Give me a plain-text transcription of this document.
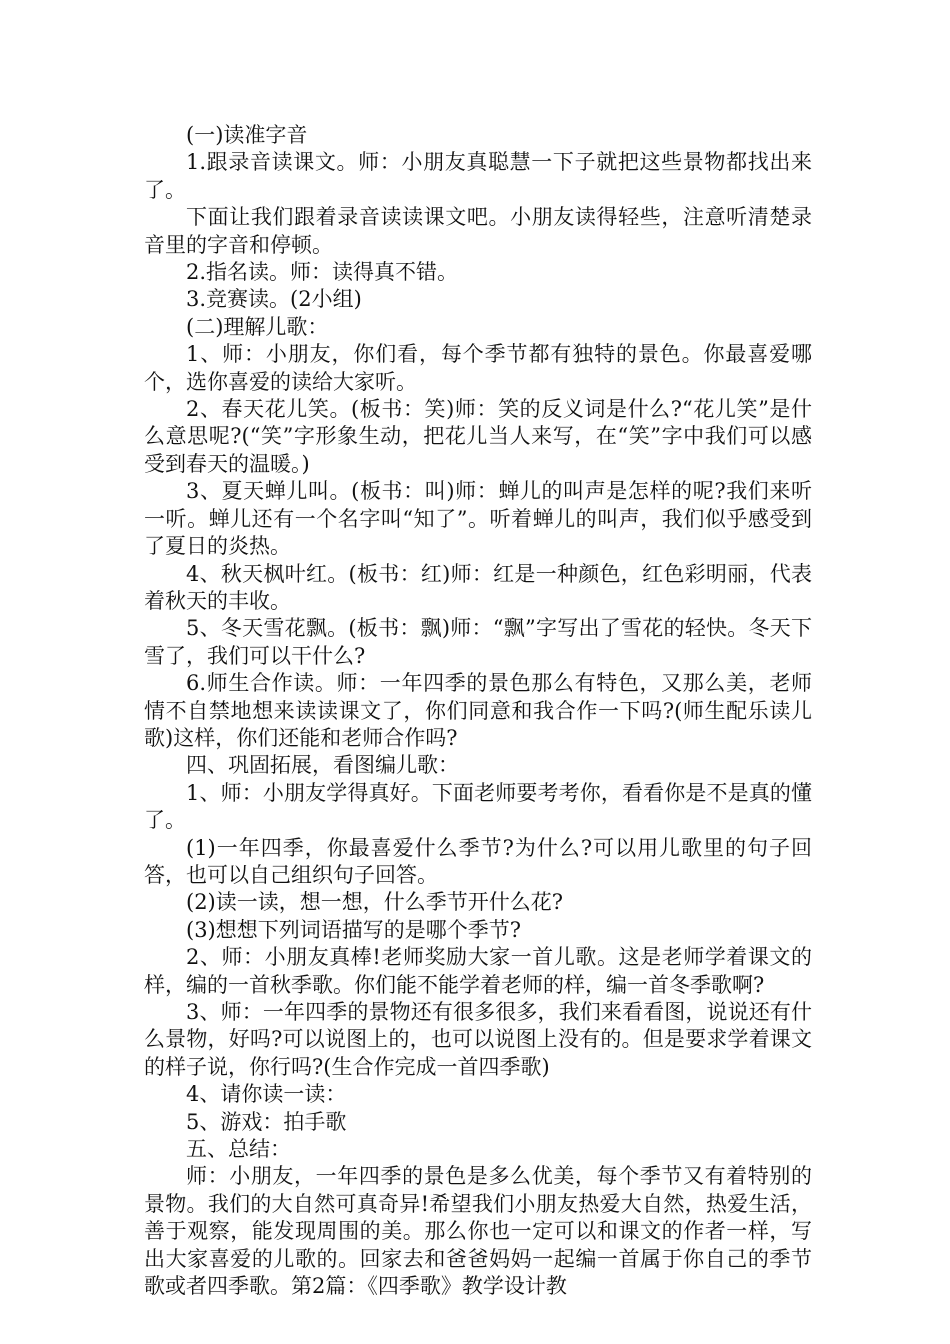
(一)读准字音

1.跟录音读课文。师：小朋友真聪慧一下子就把这些景物都找出来了。

下面让我们跟着录音读读课文吧。小朋友读得轻些，注意听清楚录音里的字音和停顿。

2.指名读。师：读得真不错。

3.竞赛读。(2小组)

(二)理解儿歌：

1、师：小朋友，你们看，每个季节都有独特的景色。你最喜爱哪个，选你喜爱的读给大家听。

2、春天花儿笑。(板书：笑)师：笑的反义词是什么?“花儿笑”是什么意思呢?(“笑”字形象生动，把花儿当人来写，在“笑”字中我们可以感受到春天的温暖。)

3、夏天蝉儿叫。(板书：叫)师：蝉儿的叫声是怎样的呢?我们来听一听。蝉儿还有一个名字叫“知了”。听着蝉儿的叫声，我们似乎感受到了夏日的炎热。

4、秋天枫叶红。(板书：红)师：红是一种颜色，红色彩明丽，代表着秋天的丰收。

5、冬天雪花飘。(板书：飘)师：“飘”字写出了雪花的轻快。冬天下雪了，我们可以干什么?

6.师生合作读。师：一年四季的景色那么有特色，又那么美，老师情不自禁地想来读读课文了，你们同意和我合作一下吗?(师生配乐读儿歌)这样，你们还能和老师合作吗?

四、巩固拓展，看图编儿歌：

1、师：小朋友学得真好。下面老师要考考你，看看你是不是真的懂了。

(1)一年四季，你最喜爱什么季节?为什么?可以用儿歌里的句子回答，也可以自己组织句子回答。

(2)读一读，想一想，什么季节开什么花?

(3)想想下列词语描写的是哪个季节?

2、师：小朋友真棒!老师奖励大家一首儿歌。这是老师学着课文的样，编的一首秋季歌。你们能不能学着老师的样，编一首冬季歌啊?

3、师：一年四季的景物还有很多很多，我们来看看图，说说还有什么景物，好吗?可以说图上的，也可以说图上没有的。但是要求学着课文的样子说，你行吗?(生合作完成一首四季歌)

4、请你读一读：

5、游戏：拍手歌

五、总结：

师：小朋友，一年四季的景色是多么优美，每个季节又有着特别的景物。我们的大自然可真奇异!希望我们小朋友热爱大自然，热爱生活，善于观察，能发现周围的美。那么你也一定可以和课文的作者一样，写出大家喜爱的儿歌的。回家去和爸爸妈妈一起编一首属于你自己的季节歌或者四季歌。第2篇：《四季歌》教学设计教
